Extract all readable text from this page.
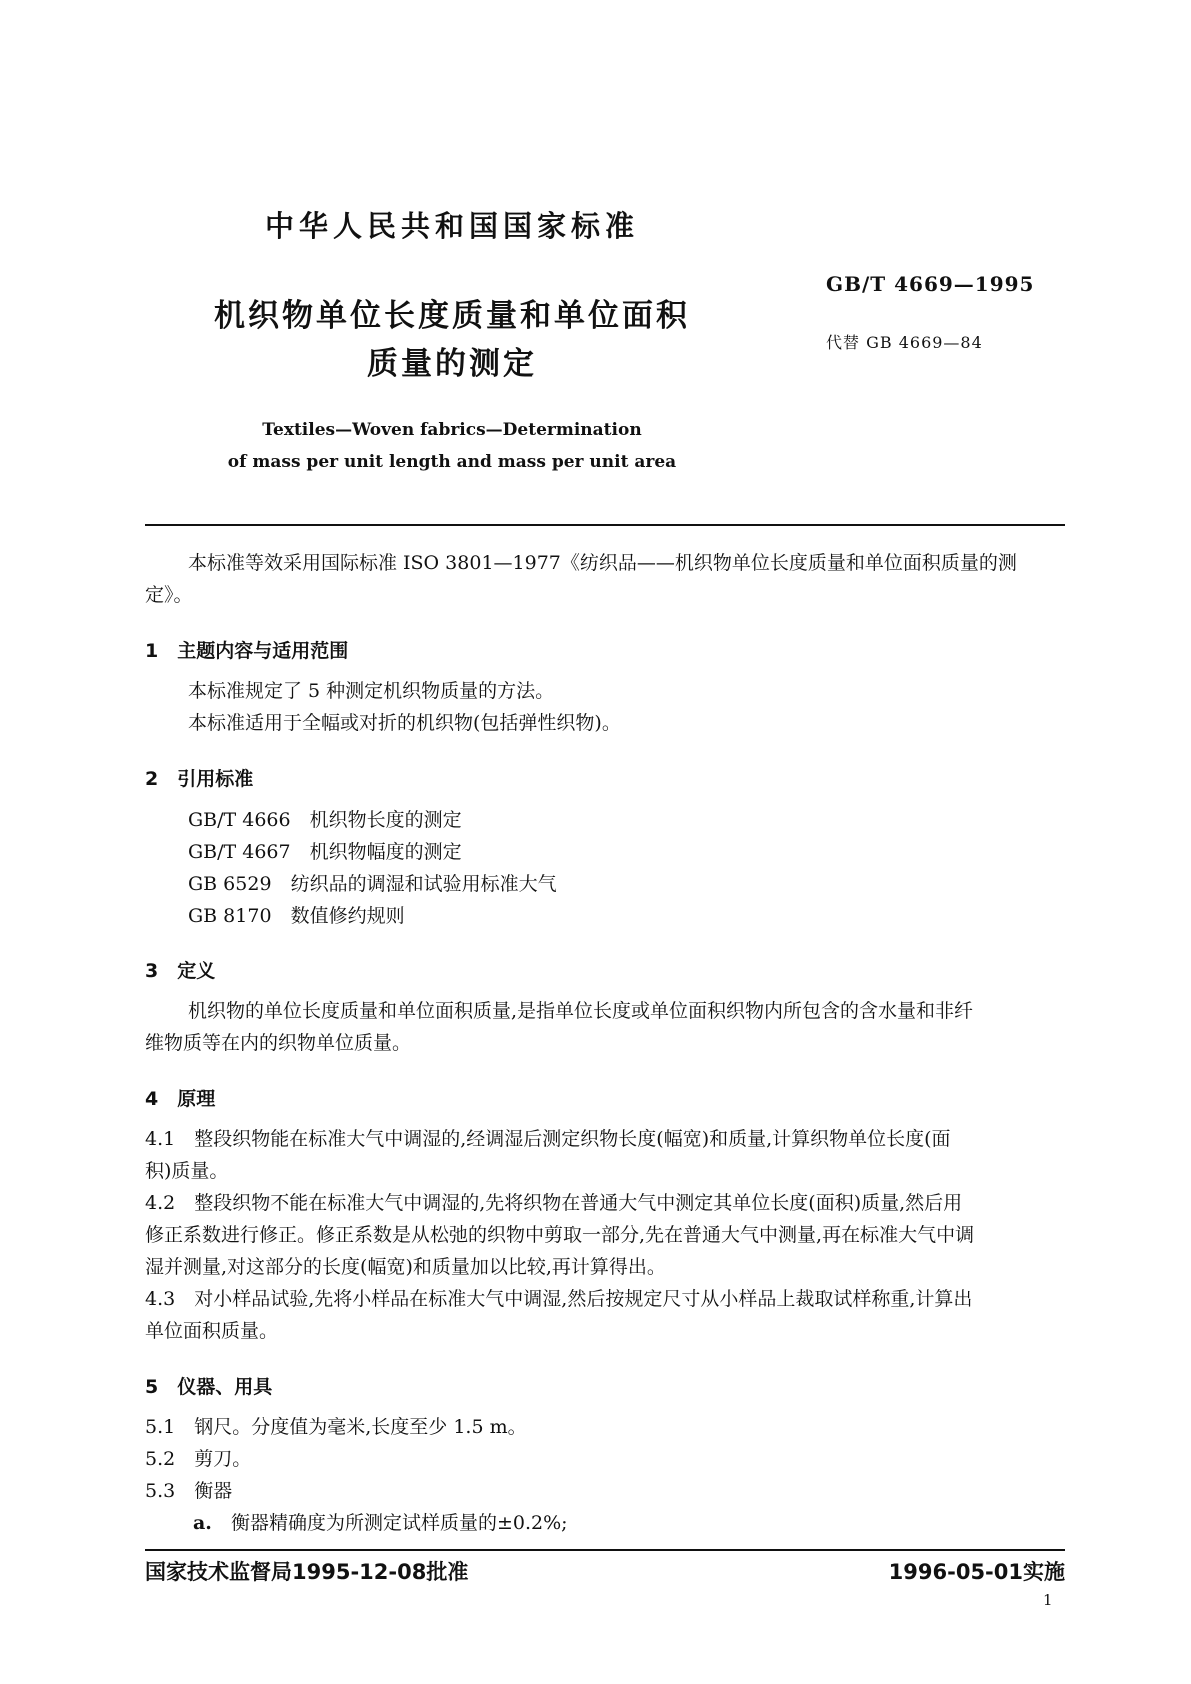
中华人民共和国国家标准
GB/T 4669—1995
代替 GB 4669—84
机织物单位长度质量和单位面积
质量的测定
Textiles—Woven fabrics—Determination
of mass per unit length and mass per unit area
本标准等效采用国际标准 ISO 3801—1977《纺织品——机织物单位长度质量和单位面积质量的测
定》。
1　主题内容与适用范围
本标准规定了 5 种测定机织物质量的方法。
本标准适用于全幅或对折的机织物(包括弹性织物)。
2　引用标准
GB/T 4666　 机织物长度的测定
GB/T 4667　 机织物幅度的测定
GB 6529　 纺织品的调湿和试验用标准大气
GB 8170　 数值修约规则
3　定义
机织物的单位长度质量和单位面积质量,是指单位长度或单位面积织物内所包含的含水量和非纤
维物质等在内的织物单位质量。
4　原理
4.1　 整段织物能在标准大气中调湿的,经调湿后测定织物长度(幅宽)和质量,计算织物单位长度(面
积)质量。
4.2　 整段织物不能在标准大气中调湿的,先将织物在普通大气中测定其单位长度(面积)质量,然后用
修正系数进行修正。修正系数是从松弛的织物中剪取一部分,先在普通大气中测量,再在标准大气中调
湿并测量,对这部分的长度(幅宽)和质量加以比较,再计算得出。
4.3　 对小样品试验,先将小样品在标准大气中调湿,然后按规定尺寸从小样品上裁取试样称重,计算出
单位面积质量。
5　仪器、用具
5.1　 钢尺。分度值为毫米,长度至少 1.5 m。
5.2　 剪刀。
5.3　 衡器
a.　 衡器精确度为所测定试样质量的±0.2%;
国家技术监督局1995-12-08批准	1996-05-01实施
1
